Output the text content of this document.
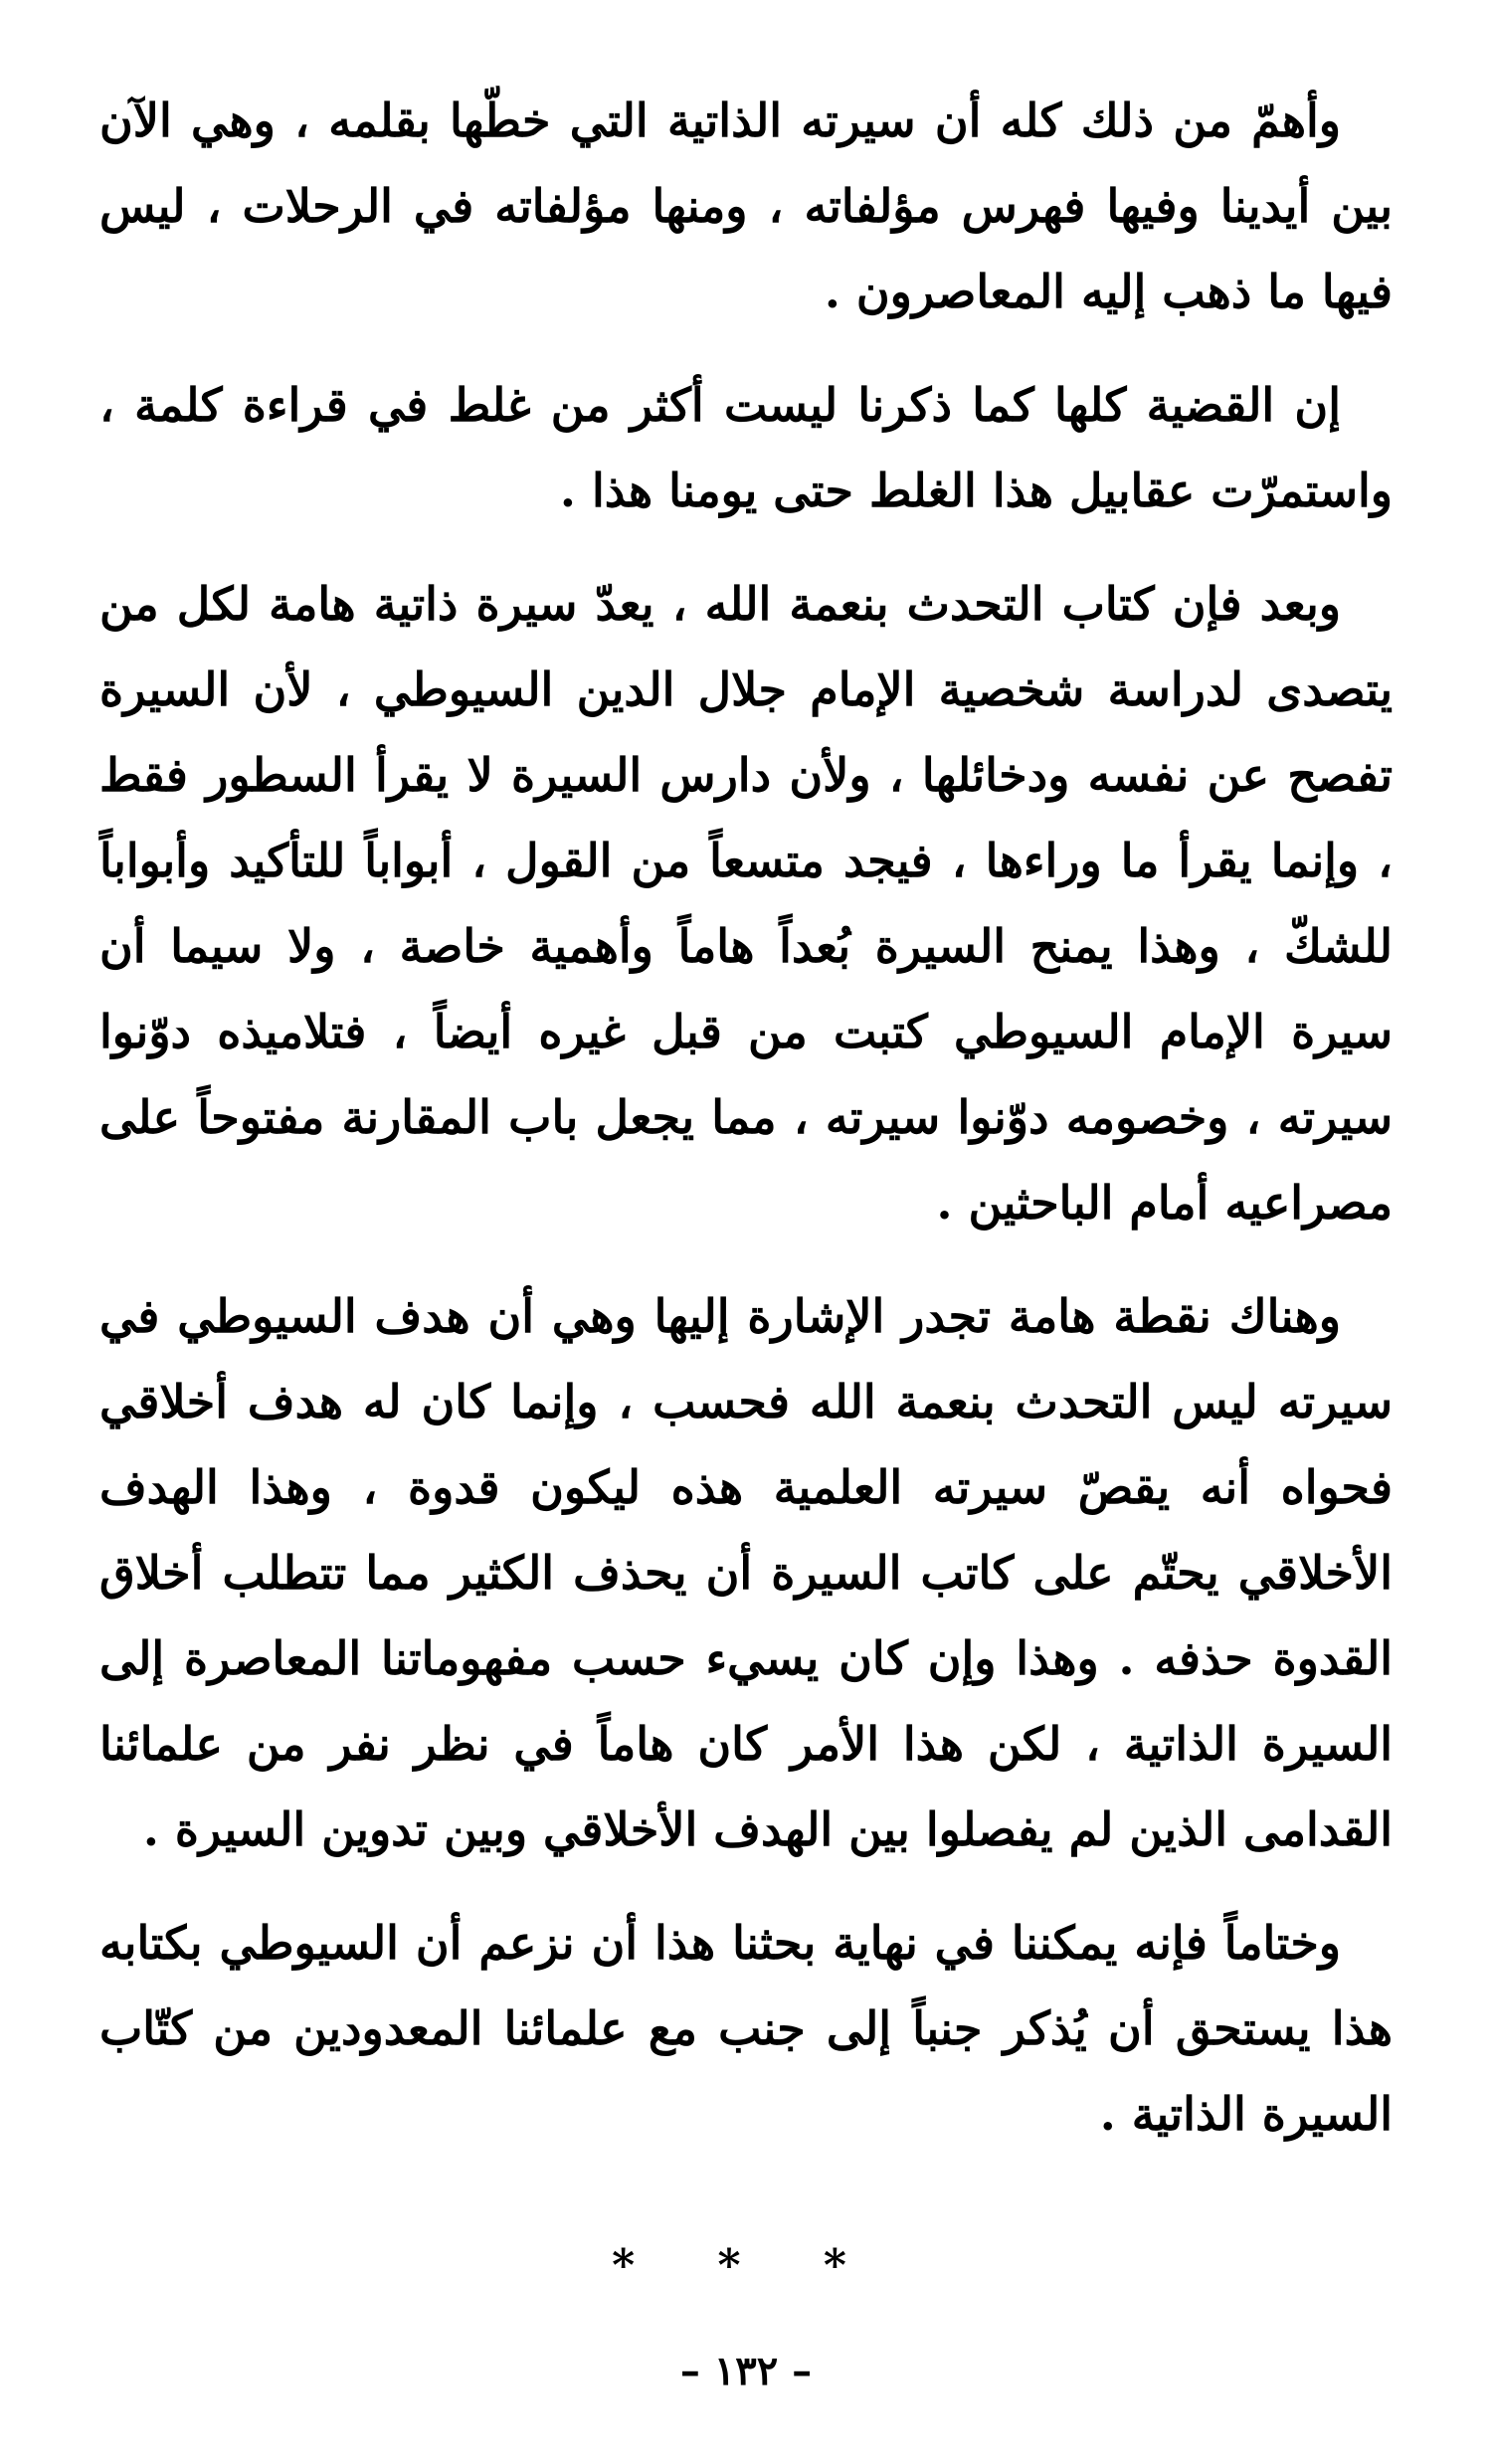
وأهمّ من ذلك كله أن سيرته الذاتية التي خطّها بقلمه ، وهي الآن بين أيدينا وفيها فهرس مؤلفاته ، ومنها مؤلفاته في الرحلات ، ليس فيها ما ذهب إليه المعاصرون .

إن القضية كلها كما ذكرنا ليست أكثر من غلط في قراءة كلمة ، واستمرّت عقابيل هذا الغلط حتى يومنا هذا .

وبعد فإن كتاب التحدث بنعمة الله ، يعدّ سيرة ذاتية هامة لكل من يتصدى لدراسة شخصية الإمام جلال الدين السيوطي ، لأن السيرة تفصح عن نفسه ودخائلها ، ولأن دارس السيرة لا يقرأ السطور فقط ، وإنما يقرأ ما وراءها ، فيجد متسعاً من القول ، أبواباً للتأكيد وأبواباً للشكّ ، وهذا يمنح السيرة بُعداً هاماً وأهمية خاصة ، ولا سيما أن سيرة الإمام السيوطي كتبت من قبل غيره أيضاً ، فتلاميذه دوّنوا سيرته ، وخصومه دوّنوا سيرته ، مما يجعل باب المقارنة مفتوحاً على مصراعيه أمام الباحثين .

وهناك نقطة هامة تجدر الإشارة إليها وهي أن هدف السيوطي في سيرته ليس التحدث بنعمة الله فحسب ، وإنما كان له هدف أخلاقي فحواه أنه يقصّ سيرته العلمية هذه ليكون قدوة ، وهذا الهدف الأخلاقي يحتّم على كاتب السيرة أن يحذف الكثير مما تتطلب أخلاق القدوة حذفه . وهذا وإن كان يسيء حسب مفهوماتنا المعاصرة إلى السيرة الذاتية ، لكن هذا الأمر كان هاماً في نظر نفر من علمائنا القدامى الذين لم يفصلوا بين الهدف الأخلاقي وبين تدوين السيرة .

وختاماً فإنه يمكننا في نهاية بحثنا هذا أن نزعم أن السيوطي بكتابه هذا يستحق أن يُذكر جنباً إلى جنب مع علمائنا المعدودين من كتّاب السيرة الذاتية .

* * *
– ١٣٢ –
